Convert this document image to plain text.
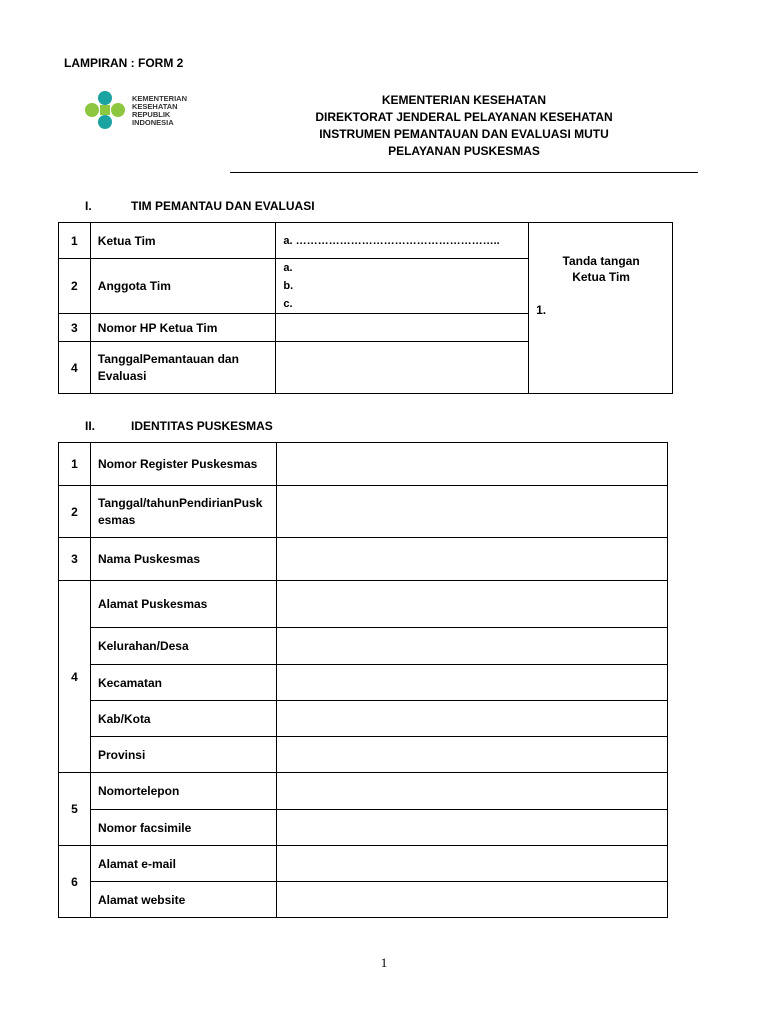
LAMPIRAN : FORM 2
KEMENTERIAN
KESEHATAN
REPUBLIK
INDONESIA
KEMENTERIAN KESEHATAN
DIREKTORAT JENDERAL PELAYANAN KESEHATAN
INSTRUMEN PEMANTAUAN DAN EVALUASI MUTU
PELAYANAN PUSKESMAS
I.	TIM PEMANTAU DAN EVALUASI
1	Ketua Tim	a. ………………………………………………..	Tanda tangan Ketua Tim
1.

2	Anggota Tim	a.
b.
c.	

3	Nomor HP Ketua Tim		
4	TanggalPemantauan dan Evaluasi		
II.	IDENTITAS PUSKESMAS
1	Nomor Register Puskesmas	
2	Tanggal/tahunPendirianPuskesmas	
3	Nama Puskesmas	
4	Alamat Puskesmas	
	Kelurahan/Desa	
	Kecamatan	
	Kab/Kota	
	Provinsi	
5	Nomortelepon	
	Nomor facsimile	
6	Alamat e-mail	
	Alamat website	
1
